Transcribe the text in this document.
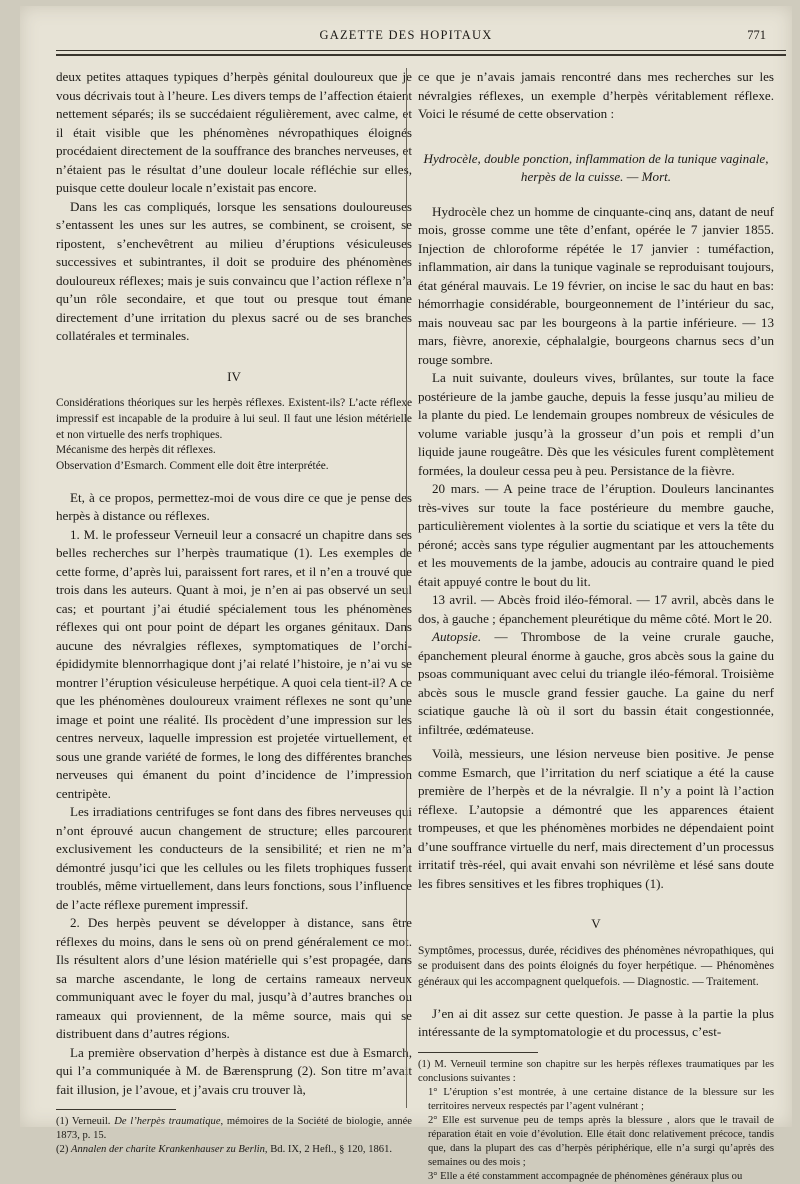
GAZETTE DES HOPITAUX	771

deux petites attaques typiques d’herpès génital douloureux que je vous décrivais tout à l’heure. Les divers temps de l’affection étaient nettement séparés; ils se succédaient régulièrement, avec calme, et il était visible que les phénomènes névropathiques éloignés procédaient directement de la souffrance des branches nerveuses, et n’étaient pas le résultat d’une douleur locale réfléchie sur elles, puisque cette douleur locale n’existait pas encore.

Dans les cas compliqués, lorsque les sensations douloureuses s’entassent les unes sur les autres, se combinent, se croisent, se ripostent, s’enchevêtrent au milieu d’éruptions vésiculeuses successives et subintrantes, il doit se produire des phénomènes douloureux réflexes; mais je suis convaincu que l’action réflexe n’a qu’un rôle secondaire, et que tout ou presque tout émane directement d’une irritation du plexus sacré ou de ses branches collatérales et terminales.

IV

Considérations théoriques sur les herpès réflexes. Existent-ils? L’acte réflexe impressif est incapable de la produire à lui seul. Il faut une lésion métérielle et non virtuelle des nerfs trophiques.

Mécanisme des herpès dit réflexes.

Observation d’Esmarch. Comment elle doit être interprétée.

Et, à ce propos, permettez-moi de vous dire ce que je pense des herpès à distance ou réflexes.

1. M. le professeur Verneuil leur a consacré un chapitre dans ses belles recherches sur l’herpès traumatique (1). Les exemples de cette forme, d’après lui, paraissent fort rares, et il n’en a trouvé que trois dans les auteurs. Quant à moi, je n’en ai pas observé un seul cas; et pourtant j’ai étudié spécialement tous les phénomènes réflexes qui ont pour point de départ les organes génitaux. Dans aucune des névralgies réflexes, symptomatiques de l’orchi-épididymite blennorrhagique dont j’ai relaté l’histoire, je n’ai vu se montrer l’éruption vésiculeuse herpétique. A quoi cela tient-il? A ce que les phénomènes douloureux vraiment réflexes ne sont qu’une image et point une réalité. Ils procèdent d’une impression sur les centres nerveux, laquelle impression est projetée virtuellement, et sous une grande variété de formes, le long des différentes branches nerveuses qui émanent du point d’incidence de l’impression centripète.

Les irradiations centrifuges se font dans des fibres nerveuses qui n’ont éprouvé aucun changement de structure; elles parcourent exclusivement les conducteurs de la sensibilité; et rien ne m’a démontré jusqu’ici que les cellules ou les filets trophiques fussent troublés, même virtuellement, dans leurs fonctions, sous l’influence de l’acte réflexe purement impressif.

2. Des herpès peuvent se développer à distance, sans être réflexes du moins, dans le sens où on prend généralement ce mot. Ils résultent alors d’une lésion matérielle qui s’est propagée, dans sa marche ascendante, le long de certains rameaux nerveux communiquant avec le foyer du mal, jusqu’à d’autres branches ou rameaux qui proviennent, de la même source, mais qui se distribuent dans d’autres régions.

La première observation d’herpès à distance est due à Esmarch, qui l’a communiquée à M. de Bærensprung (2). Son titre m’avait fait illusion, je l’avoue, et j’avais cru trouver là,

(1) Verneuil. De l’herpès traumatique, mémoires de la Société de biologie, année 1873, p. 15.

(2) Annalen der charite Krankenhauser zu Berlin, Bd. IX, 2 Hefl., § 120, 1861.

ce que je n’avais jamais rencontré dans mes recherches sur les névralgies réflexes, un exemple d’herpès véritablement réflexe. Voici le résumé de cette observation :

Hydrocèle, double ponction, inflammation de la tunique vaginale, herpès de la cuisse. — Mort.

Hydrocèle chez un homme de cinquante-cinq ans, datant de neuf mois, grosse comme une tête d’enfant, opérée le 7 janvier 1855. Injection de chloroforme répétée le 17 janvier : tuméfaction, inflammation, air dans la tunique vaginale se reproduisant toujours, état général mauvais. Le 19 février, on incise le sac du haut en bas: hémorrhagie considérable, bourgeonnement de l’intérieur du sac, mais nouveau sac par les bourgeons à la partie inférieure. — 13 mars, fièvre, anorexie, céphalalgie, bourgeons charnus secs d’un rouge sombre.

La nuit suivante, douleurs vives, brûlantes, sur toute la face postérieure de la jambe gauche, depuis la fesse jusqu’au milieu de la plante du pied. Le lendemain groupes nombreux de vésicules de volume variable jusqu’à la grosseur d’un pois et rempli d’un liquide jaune rougeâtre. Dès que les vésicules furent complètement formées, la douleur cessa peu à peu. Persistance de la fièvre.

20 mars. — A peine trace de l’éruption. Douleurs lancinantes très-vives sur toute la face postérieure du membre gauche, particulièrement violentes à la sortie du sciatique et vers la tête du péroné; accès sans type régulier augmentant par les attouchements et les mouvements de la jambe, adoucis au contraire quand le pied était appuyé contre le bout du lit.

13 avril. — Abcès froid iléo-fémoral. — 17 avril, abcès dans le dos, à gauche ; épanchement pleurétique du même côté. Mort le 20.

Autopsie. — Thrombose de la veine crurale gauche, épanchement pleural énorme à gauche, gros abcès sous la gaine du psoas communiquant avec celui du triangle iléo-fémoral. Troisième abcès sous le muscle grand fessier gauche. La gaine du nerf sciatique gauche là où il sort du bassin était congestionnée, infiltrée, œdémateuse.

Voilà, messieurs, une lésion nerveuse bien positive. Je pense comme Esmarch, que l’irritation du nerf sciatique a été la cause première de l’herpès et de la névralgie. Il n’y a point là l’action réflexe. L’autopsie a démontré que les apparences étaient trompeuses, et que les phénomènes morbides ne dépendaient point d’une souffrance virtuelle du nerf, mais directement d’un processus irritatif très-réel, qui avait envahi son névrilème et lésé sans doute les fibres sensitives et les fibres trophiques (1).

V

Symptômes, processus, durée, récidives des phénomènes névropathiques, qui se produisent dans des points éloignés du foyer herpétique. — Phénomènes généraux qui les accompagnent quelquefois. — Diagnostic. — Traitement.

J’en ai dit assez sur cette question. Je passe à la partie la plus intéressante de la symptomatologie et du processus, c’est-

(1) M. Verneuil termine son chapitre sur les herpès réflexes traumatiques par les conclusions suivantes :

1° L’éruption s’est montrée, à une certaine distance de la blessure sur les territoires nerveux respectés par l’agent vulnérant ;

2° Elle est survenue peu de temps après la blessure , alors que le travail de réparation était en voie d’évolution. Elle était donc relativement précoce, tandis que, dans la plupart des cas d’herpès périphérique, elle n’a surgi qu’après des semaines ou des mois ;

3° Elle a été constamment accompagnée de phénomènes généraux plus ou
